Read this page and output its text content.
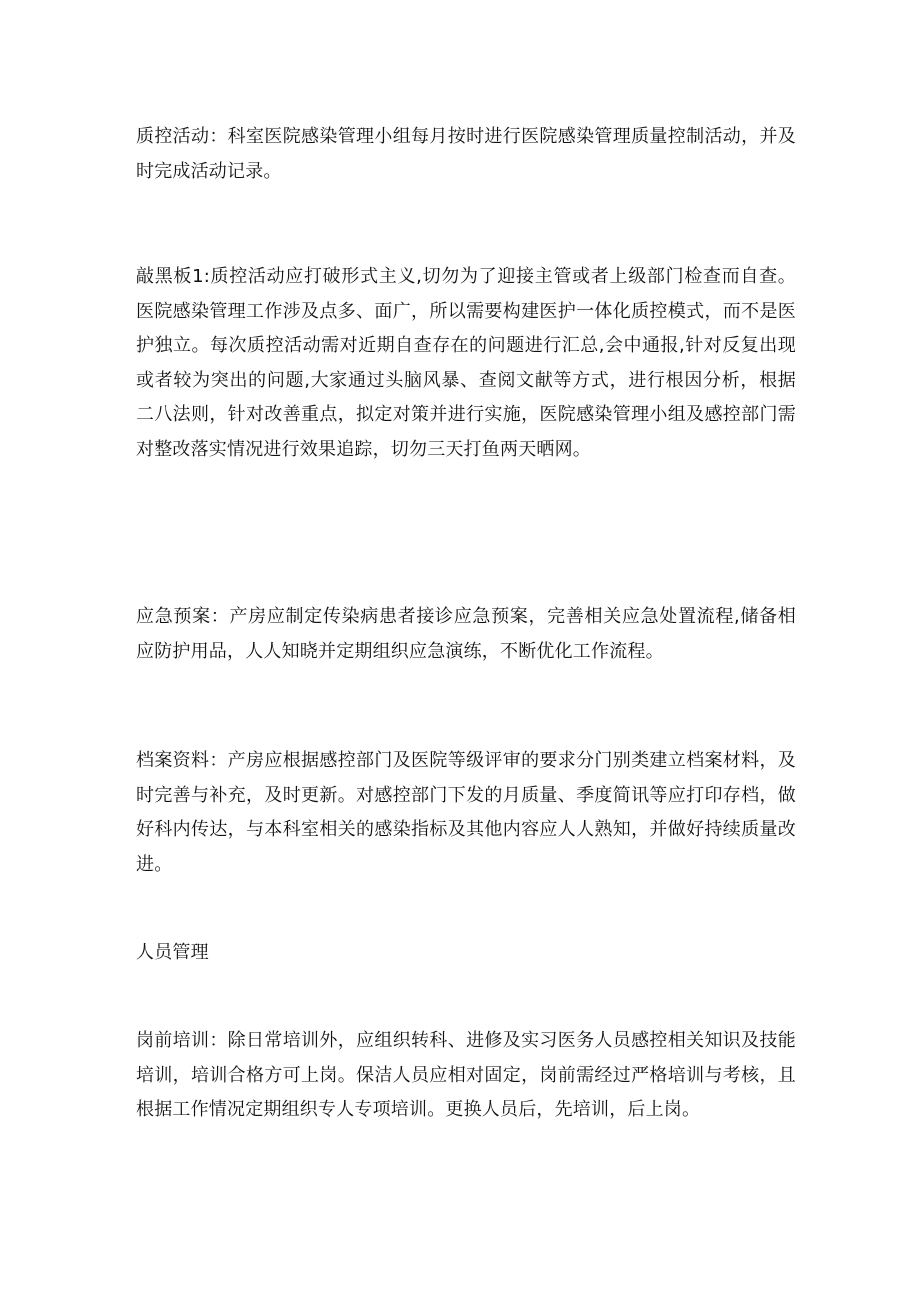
质控活动：科室医院感染管理小组每月按时进行医院感染管理质量控制活动，并及时完成活动记录。

敲黑板1:质控活动应打破形式主义,切勿为了迎接主管或者上级部门检查而自查。医院感染管理工作涉及点多、面广，所以需要构建医护一体化质控模式，而不是医护独立。每次质控活动需对近期自查存在的问题进行汇总,会中通报,针对反复出现或者较为突出的问题,大家通过头脑风暴、查阅文献等方式，进行根因分析，根据二八法则，针对改善重点，拟定对策并进行实施，医院感染管理小组及感控部门需对整改落实情况进行效果追踪，切勿三天打鱼两天晒网。

应急预案：产房应制定传染病患者接诊应急预案，完善相关应急处置流程,储备相应防护用品，人人知晓并定期组织应急演练，不断优化工作流程。

档案资料：产房应根据感控部门及医院等级评审的要求分门别类建立档案材料，及时完善与补充，及时更新。对感控部门下发的月质量、季度简讯等应打印存档，做好科内传达，与本科室相关的感染指标及其他内容应人人熟知，并做好持续质量改进。

人员管理

岗前培训：除日常培训外，应组织转科、进修及实习医务人员感控相关知识及技能培训，培训合格方可上岗。保洁人员应相对固定，岗前需经过严格培训与考核，且根据工作情况定期组织专人专项培训。更换人员后，先培训，后上岗。
